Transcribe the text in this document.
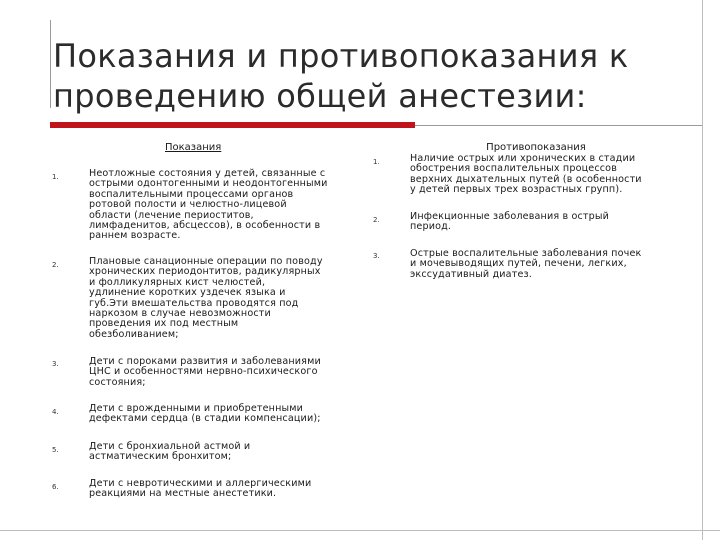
Показания и противопоказания к
проведению общей анестезии:
Показания	Противопоказания
1.	Неотложные состояния у детей, связанные с
острыми одонтогенными и неодонтогенными
воспалительными процессами органов
ротовой полости и челюстно-лицевой
области (лечение периоститов,
лимфаденитов, абсцессов), в особенности в
раннем возрасте.
2.	Плановые санационные операции по поводу
хронических периодонтитов, радикулярных
и фолликулярных кист челюстей,
удлинение коротких уздечек языка и
губ.Эти вмешательства проводятся под
наркозом в случае невозможности
проведения их под местным
обезболиванием;
3.	Дети с пороками развития и заболеваниями
ЦНС и особенностями нервно-психического
состояния;
4.	Дети с врожденными и приобретенными
дефектами сердца (в стадии компенсации);
5.	Дети с бронхиальной астмой и
астматическим бронхитом;
6.	Дети с невротическими и аллергическими
реакциями на местные анестетики.
1.	Наличие острых или хронических в стадии
обострения воспалительных процессов
верхних дыхательных путей (в особенности
у детей первых трех возрастных групп).
2.	Инфекционные заболевания в острый
период.
3.	Острые воспалительные заболевания почек
и мочевыводящих путей, печени, легких,
экссудативный диатез.
